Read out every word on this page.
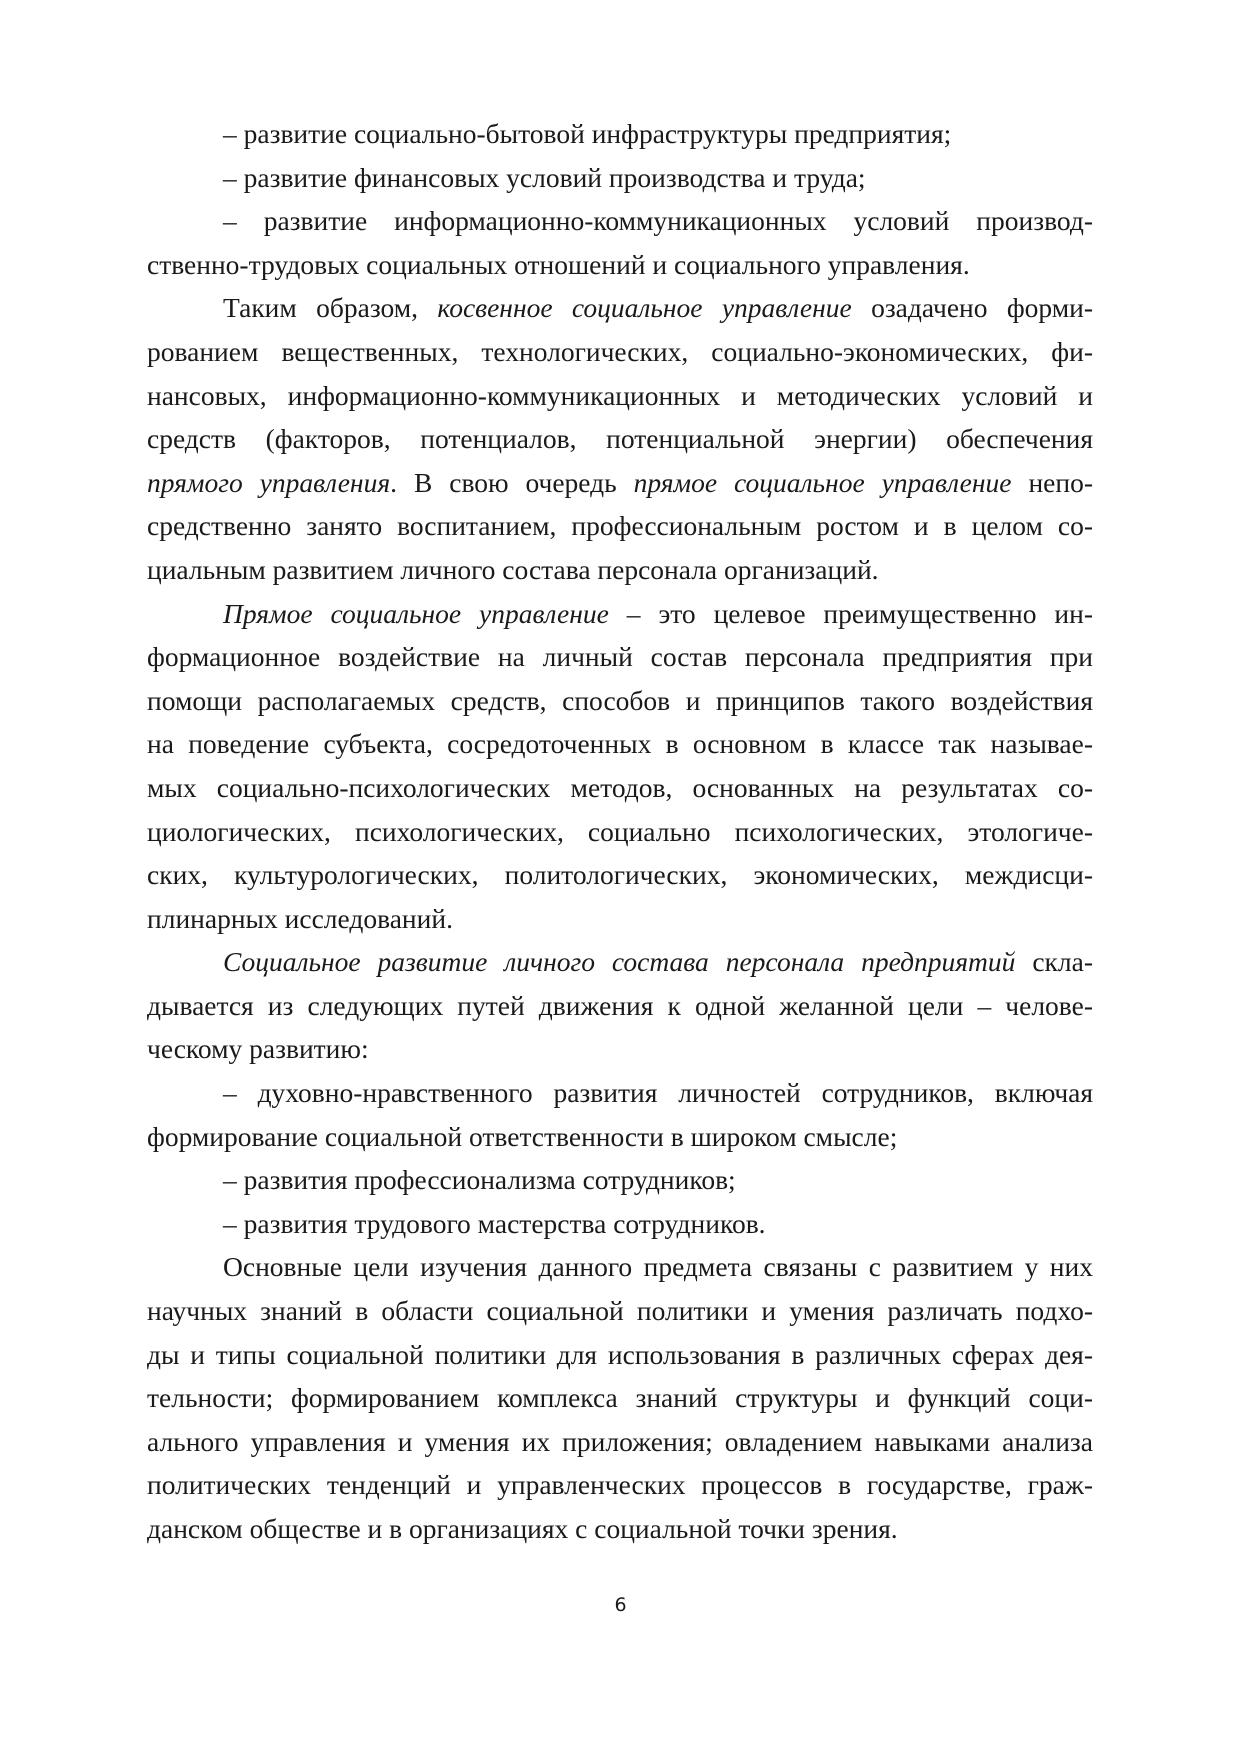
– развитие социально-бытовой инфраструктуры предприятия;
– развитие финансовых условий производства и труда;
– развитие информационно-коммуникационных условий производ-
ственно-трудовых социальных отношений и социального управления.
Таким образом, косвенное социальное управление озадачено форми-
рованием вещественных, технологических, социально-экономических, фи-
нансовых, информационно-коммуникационных и методических условий и
средств (факторов, потенциалов, потенциальной энергии) обеспечения
прямого управления. В свою очередь прямое социальное управление непо-
средственно занято воспитанием, профессиональным ростом и в целом со-
циальным развитием личного состава персонала организаций.
Прямое социальное управление – это целевое преимущественно ин-
формационное воздействие на личный состав персонала предприятия при
помощи располагаемых средств, способов и принципов такого воздействия
на поведение субъекта, сосредоточенных в основном в классе так называе-
мых социально-психологических методов, основанных на результатах со-
циологических, психологических, социально психологических, этологиче-
ских, культурологических, политологических, экономических, междисци-
плинарных исследований.
Социальное развитие личного состава персонала предприятий скла-
дывается из следующих путей движения к одной желанной цели – челове-
ческому развитию:
– духовно-нравственного развития личностей сотрудников, включая
формирование социальной ответственности в широком смысле;
– развития профессионализма сотрудников;
– развития трудового мастерства сотрудников.
Основные цели изучения данного предмета связаны с развитием у них
научных знаний в области социальной политики и умения различать подхо-
ды и типы социальной политики для использования в различных сферах дея-
тельности; формированием комплекса знаний структуры и функций соци-
ального управления и умения их приложения; овладением навыками анализа
политических тенденций и управленческих процессов в государстве, граж-
данском обществе и в организациях с социальной точки зрения.
6
